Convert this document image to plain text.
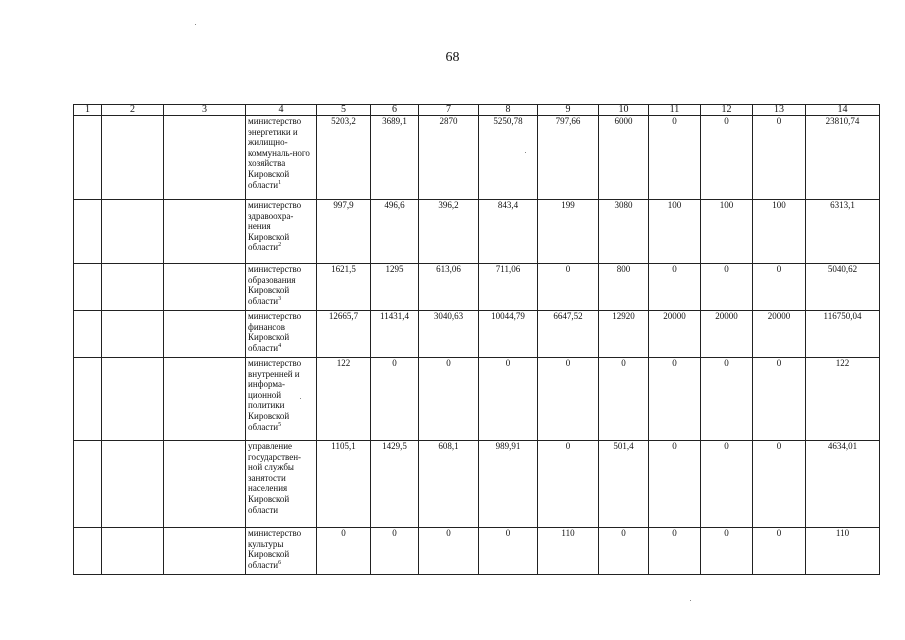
68
1	2	3	4	5	6	7	8	9	10	11	12	13	14
			министерство энергетики и жилищно-коммуналь-ного хозяйства Кировской области$^1$	5203,2	3689,1	2870	5250,78	797,66	6000	0	0	0	23810,74
			министерство здравоохра-нения Кировской области$^2$	997,9	496,6	396,2	843,4	199	3080	100	100	100	6313,1
			министерство образования Кировской области$^3$	1621,5	1295	613,06	711,06	0	800	0	0	0	5040,62
			министерство финансов Кировской области$^4$	12665,7	11431,4	3040,63	10044,79	6647,52	12920	20000	20000	20000	116750,04
			министерство внутренней и информа-ционной политики Кировской области$^5$	122	0	0	0	0	0	0	0	0	122
			управление государствен-ной службы занятости населения Кировской области	1105,1	1429,5	608,1	989,91	0	501,4	0	0	0	4634,01
			министерство культуры Кировской области$^6$	0	0	0	0	110	0	0	0	0	110
